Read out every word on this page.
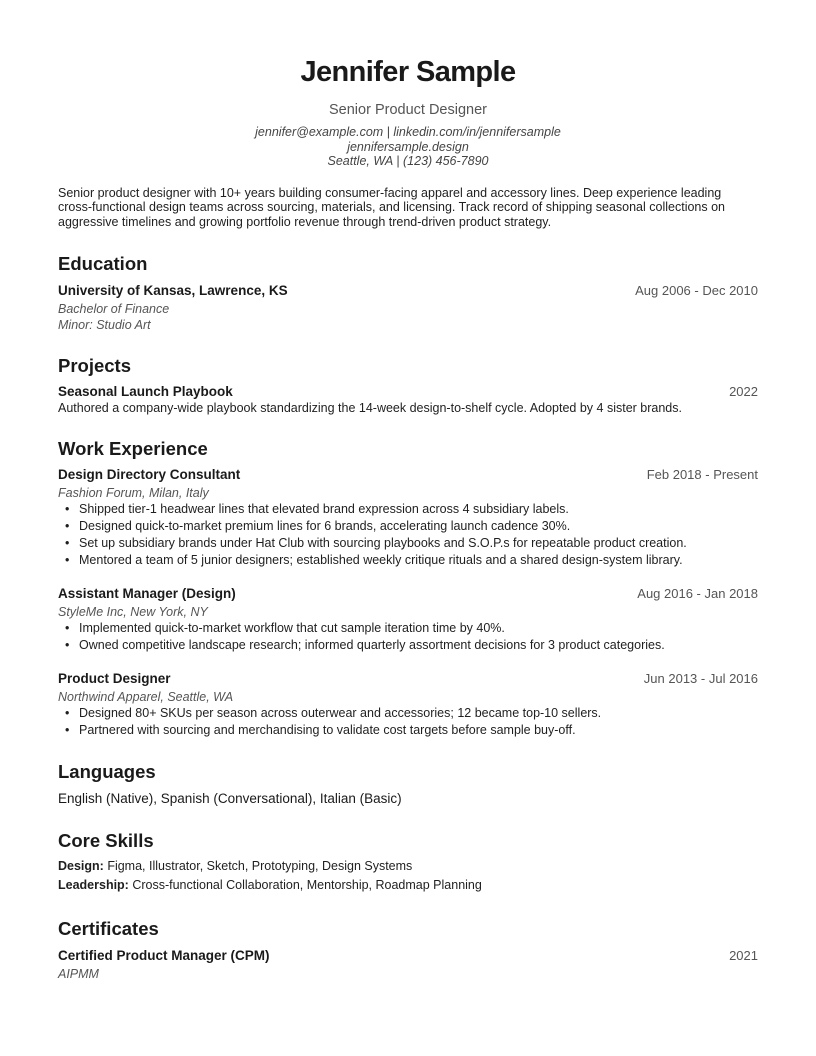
Jennifer Sample
Senior Product Designer
jennifer@example.com | linkedin.com/in/jennifersample
jennifersample.design
Seattle, WA | (123) 456-7890
Senior product designer with 10+ years building consumer-facing apparel and accessory lines. Deep experience leading cross-functional design teams across sourcing, materials, and licensing. Track record of shipping seasonal collections on aggressive timelines and growing portfolio revenue through trend-driven product strategy.
Education
University of Kansas, Lawrence, KS	Aug 2006 - Dec 2010
Bachelor of Finance
Minor: Studio Art
Projects
Seasonal Launch Playbook	2022
Authored a company-wide playbook standardizing the 14-week design-to-shelf cycle. Adopted by 4 sister brands.
Work Experience
Design Directory Consultant	Feb 2018 - Present
Fashion Forum, Milan, Italy
• Shipped tier-1 headwear lines that elevated brand expression across 4 subsidiary labels.
• Designed quick-to-market premium lines for 6 brands, accelerating launch cadence 30%.
• Set up subsidiary brands under Hat Club with sourcing playbooks and S.O.P.s for repeatable product creation.
• Mentored a team of 5 junior designers; established weekly critique rituals and a shared design-system library.
Assistant Manager (Design)	Aug 2016 - Jan 2018
StyleMe Inc, New York, NY
• Implemented quick-to-market workflow that cut sample iteration time by 40%.
• Owned competitive landscape research; informed quarterly assortment decisions for 3 product categories.
Product Designer	Jun 2013 - Jul 2016
Northwind Apparel, Seattle, WA
• Designed 80+ SKUs per season across outerwear and accessories; 12 became top-10 sellers.
• Partnered with sourcing and merchandising to validate cost targets before sample buy-off.
Languages
English (Native), Spanish (Conversational), Italian (Basic)
Core Skills
Design: Figma, Illustrator, Sketch, Prototyping, Design Systems
Leadership: Cross-functional Collaboration, Mentorship, Roadmap Planning
Certificates
Certified Product Manager (CPM)	2021
AIPMM
